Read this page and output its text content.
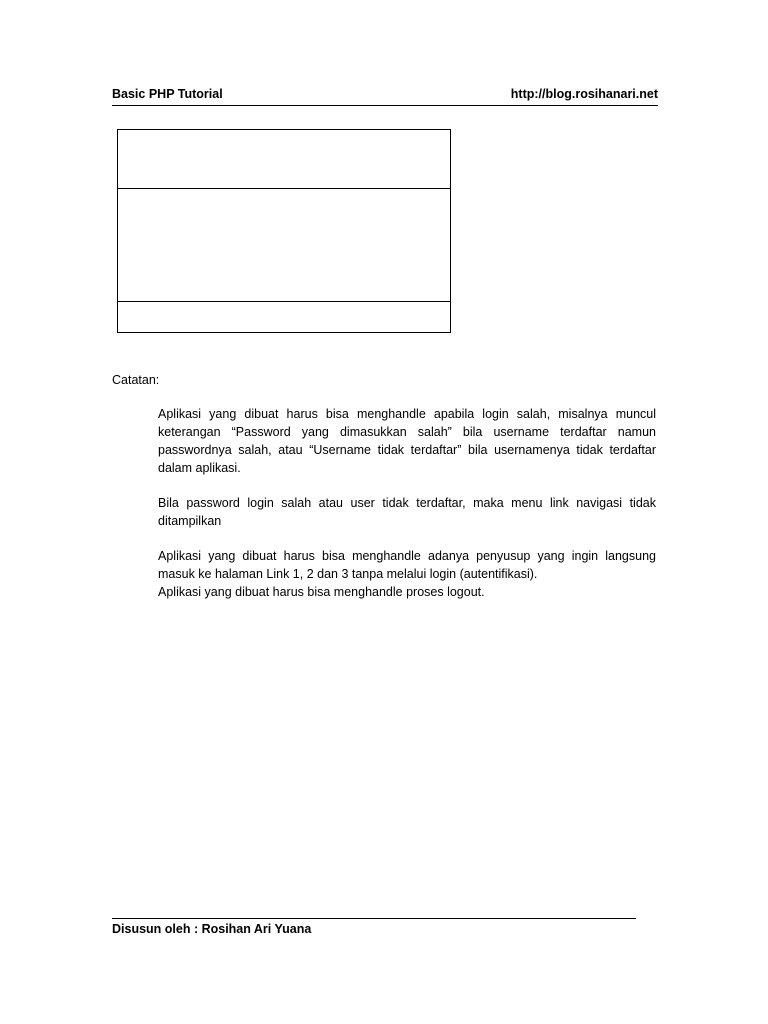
Basic PHP Tutorial	http://blog.rosihanari.net
Catatan:

Aplikasi yang dibuat harus bisa menghandle apabila login salah, misalnya muncul keterangan “Password yang dimasukkan salah” bila username terdaftar namun passwordnya salah, atau “Username tidak terdaftar” bila usernamenya tidak terdaftar dalam aplikasi.

Bila password login salah atau user tidak terdaftar, maka menu link navigasi tidak ditampilkan

Aplikasi yang dibuat harus bisa menghandle adanya penyusup yang ingin langsung masuk ke halaman Link 1, 2 dan 3 tanpa melalui login (autentifikasi).

Aplikasi yang dibuat harus bisa menghandle proses logout.

Disusun oleh : Rosihan Ari Yuana
